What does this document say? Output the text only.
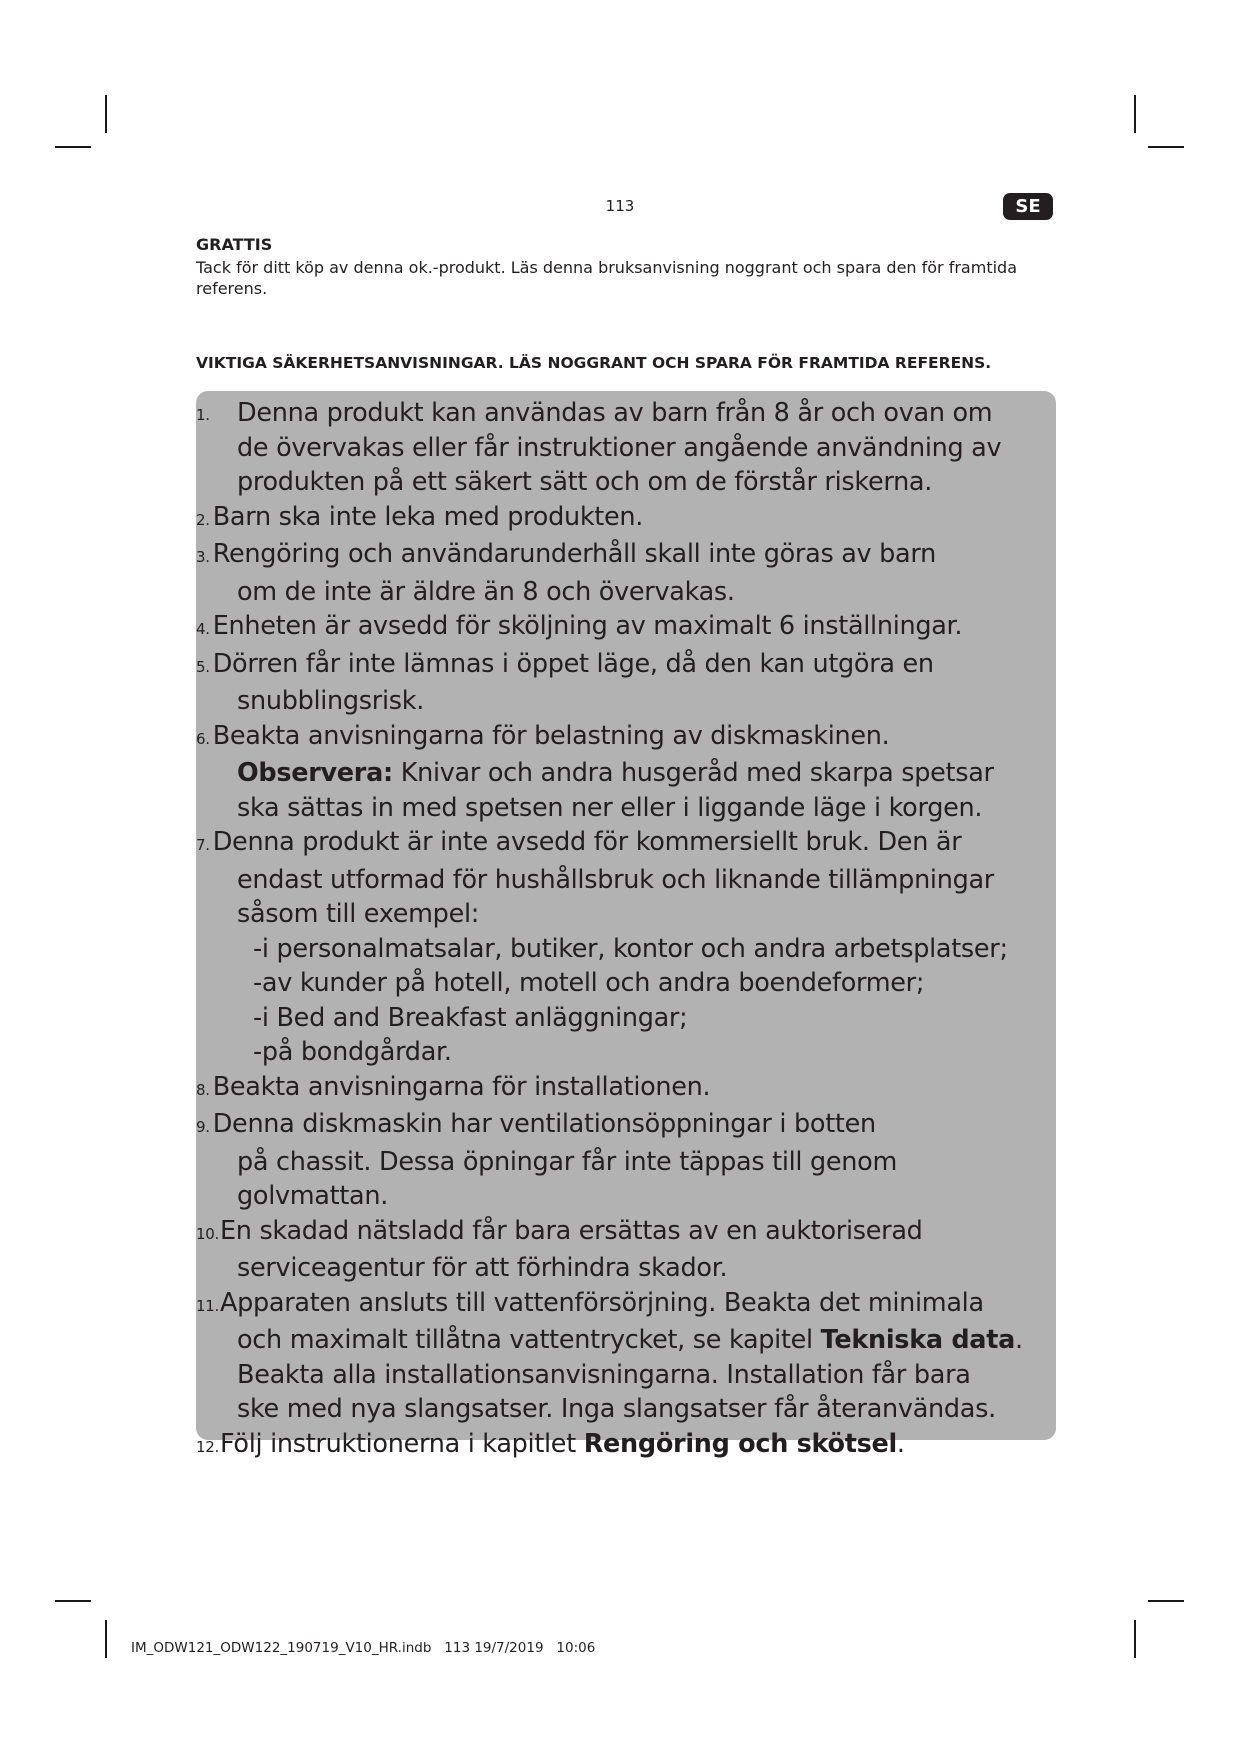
113	SE
GRATTIS
Tack för ditt köp av denna ok.-produkt. Läs denna bruksanvisning noggrant och spara den för framtida referens.
VIKTIGA SÄKERHETSANVISNINGAR. LÄS NOGGRANT OCH SPARA FÖR FRAMTIDA REFERENS.
1. Denna produkt kan användas av barn från 8 år och ovan om
de övervakas eller får instruktioner angående användning av
produkten på ett säkert sätt och om de förstår riskerna.
2. Barn ska inte leka med produkten.
3. Rengöring och användarunderhåll skall inte göras av barn
om de inte är äldre än 8 och övervakas.
4. Enheten är avsedd för sköljning av maximalt 6 inställningar.
5. Dörren får inte lämnas i öppet läge, då den kan utgöra en
snubblingsrisk.
6. Beakta anvisningarna för belastning av diskmaskinen.
Observera: Knivar och andra husgeråd med skarpa spetsar
ska sättas in med spetsen ner eller i liggande läge i korgen.
7. Denna produkt är inte avsedd för kommersiellt bruk. Den är
endast utformad för hushållsbruk och liknande tillämpningar
såsom till exempel:
-i personalmatsalar, butiker, kontor och andra arbetsplatser;
-av kunder på hotell, motell och andra boendeformer;
-i Bed and Breakfast anläggningar;
-på bondgårdar.
8. Beakta anvisningarna för installationen.
9. Denna diskmaskin har ventilationsöppningar i botten
på chassit. Dessa öpningar får inte täppas till genom
golvmattan.
10.En skadad nätsladd får bara ersättas av en auktoriserad
serviceagentur för att förhindra skador.
11.Apparaten ansluts till vattenförsörjning. Beakta det minimala
och maximalt tillåtna vattentrycket, se kapitel Tekniska data.
Beakta alla installationsanvisningarna. Installation får bara
ske med nya slangsatser. Inga slangsatser får återanvändas.
12.Följ instruktionerna i kapitlet Rengöring och skötsel.
IM_ODW121_ODW122_190719_V10_HR.indb   113 19/7/2019   10:06
